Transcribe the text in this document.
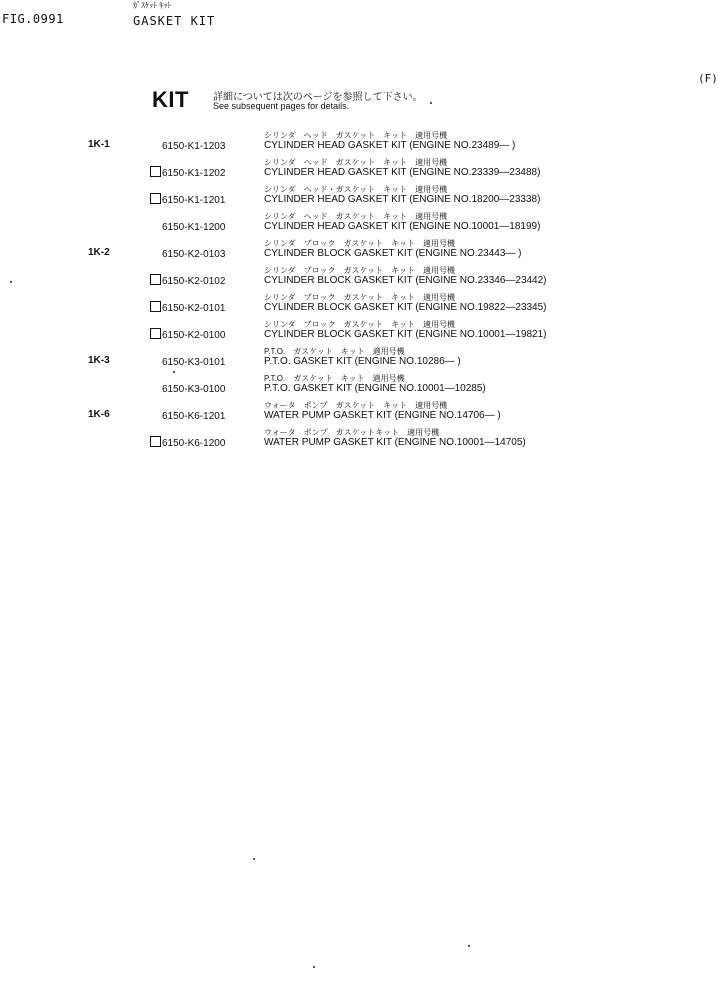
FIG.0991
ｶﾞｽｹｯﾄ ｷｯﾄ
GASKET KIT
(F)
KIT 詳細については次のページを参照して下さい。
See subsequent pages for details.
1K-1	6150-K1-1203
シリンダ　ヘッド　ガスケット　キット　適用号機
CYLINDER HEAD GASKET KIT (ENGINE NO.23489— )
6150-K1-1202
シリンダ　ヘッド　ガスケット　キット　適用号機
CYLINDER HEAD GASKET KIT (ENGINE NO.23339—23488)
6150-K1-1201
シリンダ　ヘッド・ガスケット　キット　適用号機
CYLINDER HEAD GASKET KIT (ENGINE NO.18200—23338)
6150-K1-1200
シリンダ　ヘッド　ガスケット　キット　適用号機
CYLINDER HEAD GASKET KIT (ENGINE NO.10001—18199)
1K-2	6150-K2-0103
シリンダ　ブロック　ガスケット　キット　適用号機
CYLINDER BLOCK GASKET KIT (ENGINE NO.23443— )
6150-K2-0102
シリンダ　ブロック　ガスケット　キット　適用号機
CYLINDER BLOCK GASKET KIT (ENGINE NO.23346—23442)
6150-K2-0101
シリンダ　ブロック　ガスケット　キット　適用号機
CYLINDER BLOCK GASKET KIT (ENGINE NO.19822—23345)
6150-K2-0100
シリンダ　ブロック　ガスケット　キット　適用号機
CYLINDER BLOCK GASKET KIT (ENGINE NO.10001—19821)
1K-3	6150-K3-0101
P.T.O.　ガスケット　キット　適用号機
P.T.O. GASKET KIT (ENGINE NO.10286— )
6150-K3-0100
P.T.O.　ガスケット　キット　適用号機
P.T.O. GASKET KIT (ENGINE NO.10001—10285)
1K-6	6150-K6-1201
ウォータ　ポンプ　ガスケット　キット　適用号機
WATER PUMP GASKET KIT (ENGINE NO.14706— )
6150-K6-1200
ウォータ　ポンプ　ガスケットキット　適用号機
WATER PUMP GASKET KIT (ENGINE NO.10001—14705)
